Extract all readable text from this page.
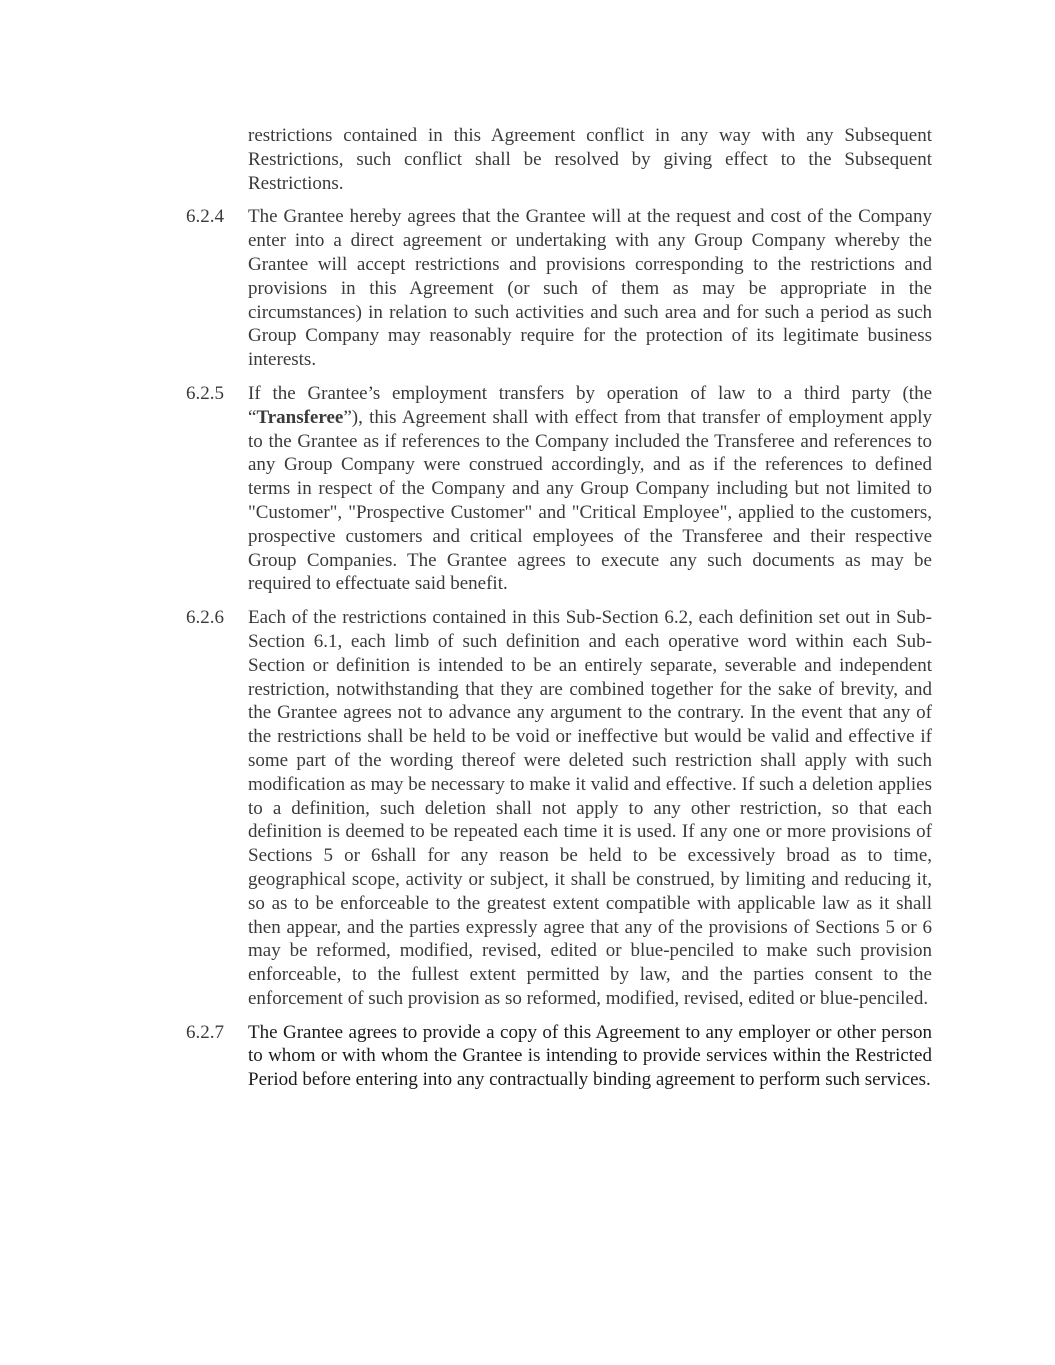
restrictions contained in this Agreement conflict in any way with any Subsequent Restrictions, such conflict shall be resolved by giving effect to the Subsequent Restrictions.
6.2.4	The Grantee hereby agrees that the Grantee will at the request and cost of the Company enter into a direct agreement or undertaking with any Group Company whereby the Grantee will accept restrictions and provisions corresponding to the restrictions and provisions in this Agreement (or such of them as may be appropriate in the circumstances) in relation to such activities and such area and for such a period as such Group Company may reasonably require for the protection of its legitimate business interests.
6.2.5	If the Grantee’s employment transfers by operation of law to a third party (the “Transferee”), this Agreement shall with effect from that transfer of employment apply to the Grantee as if references to the Company included the Transferee and references to any Group Company were construed accordingly, and as if the references to defined terms in respect of the Company and any Group Company including but not limited to "Customer", "Prospective Customer" and "Critical Employee", applied to the customers, prospective customers and critical employees of the Transferee and their respective Group Companies. The Grantee agrees to execute any such documents as may be required to effectuate said benefit.
6.2.6	Each of the restrictions contained in this Sub-Section 6.2, each definition set out in Sub-Section 6.1, each limb of such definition and each operative word within each Sub-Section or definition is intended to be an entirely separate, severable and independent restriction, notwithstanding that they are combined together for the sake of brevity, and the Grantee agrees not to advance any argument to the contrary. In the event that any of the restrictions shall be held to be void or ineffective but would be valid and effective if some part of the wording thereof were deleted such restriction shall apply with such modification as may be necessary to make it valid and effective. If such a deletion applies to a definition, such deletion shall not apply to any other restriction, so that each definition is deemed to be repeated each time it is used. If any one or more provisions of Sections 5 or 6shall for any reason be held to be excessively broad as to time, geographical scope, activity or subject, it shall be construed, by limiting and reducing it, so as to be enforceable to the greatest extent compatible with applicable law as it shall then appear, and the parties expressly agree that any of the provisions of Sections 5 or 6 may be reformed, modified, revised, edited or blue-penciled to make such provision enforceable, to the fullest extent permitted by law, and the parties consent to the enforcement of such provision as so reformed, modified, revised, edited or blue-penciled.
6.2.7	The Grantee agrees to provide a copy of this Agreement to any employer or other person to whom or with whom the Grantee is intending to provide services within the Restricted Period before entering into any contractually binding agreement to perform such services.
